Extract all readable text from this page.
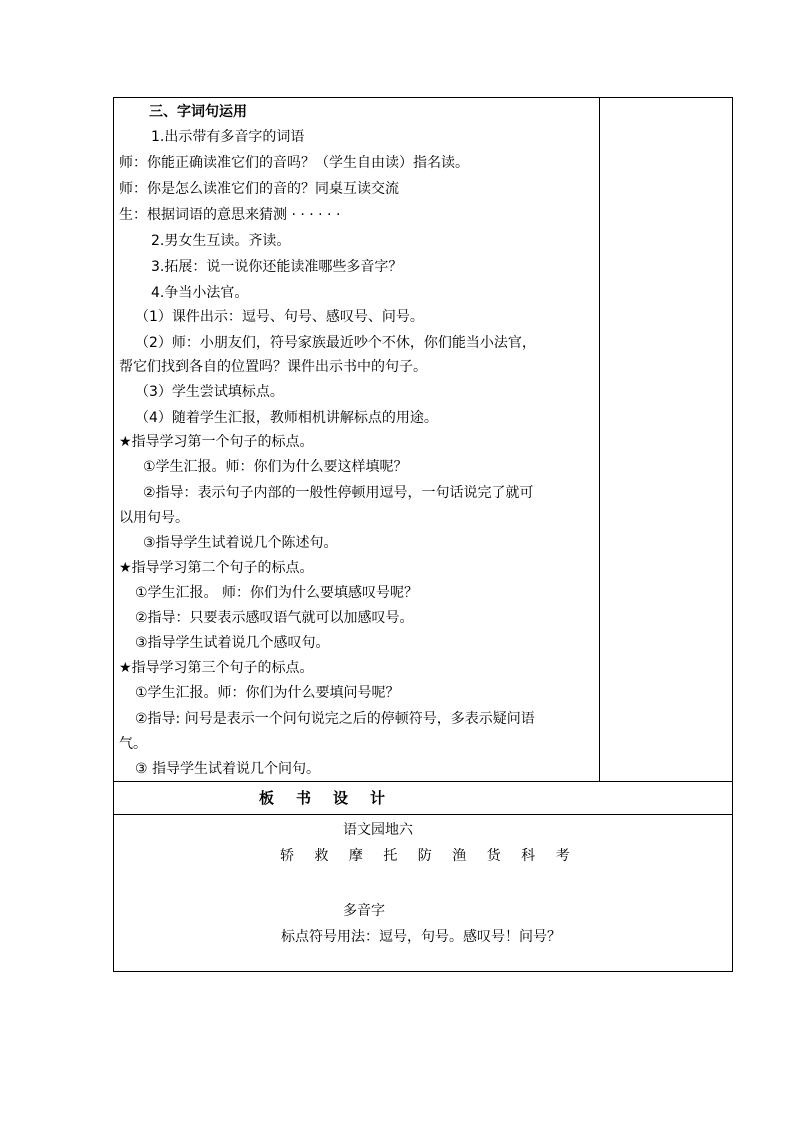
三、字词句运用
1.出示带有多音字的词语
师：你能正确读准它们的音吗？（学生自由读）指名读。
师：你是怎么读准它们的音的？同桌互读交流
生：根据词语的意思来猜测 · · · · · ·
2.男女生互读。齐读。
3.拓展：说一说你还能读准哪些多音字？
4.争当小法官。
（1）课件出示：逗号、句号、感叹号、问号。
（2）师：小朋友们，符号家族最近吵个不休，你们能当小法官，
帮它们找到各自的位置吗？课件出示书中的句子。
（3）学生尝试填标点。
（4）随着学生汇报，教师相机讲解标点的用途。
★指导学习第一个句子的标点。
①学生汇报。师：你们为什么要这样填呢？
②指导：表示句子内部的一般性停顿用逗号，一句话说完了就可
以用句号。
③指导学生试着说几个陈述句。
★指导学习第二个句子的标点。
①学生汇报。 师：你们为什么要填感叹号呢？
②指导：只要表示感叹语气就可以加感叹号。
③指导学生试着说几个感叹句。
★指导学习第三个句子的标点。
①学生汇报。师：你们为什么要填问号呢？
②指导: 问号是表示一个问句说完之后的停顿符号，多表示疑问语
气。
③ 指导学生试着说几个问句。
板书设计
语文园地六
轿 救 摩 托 防 渔 货 科 考
多音字
标点符号用法：逗号，句号。感叹号！问号？
